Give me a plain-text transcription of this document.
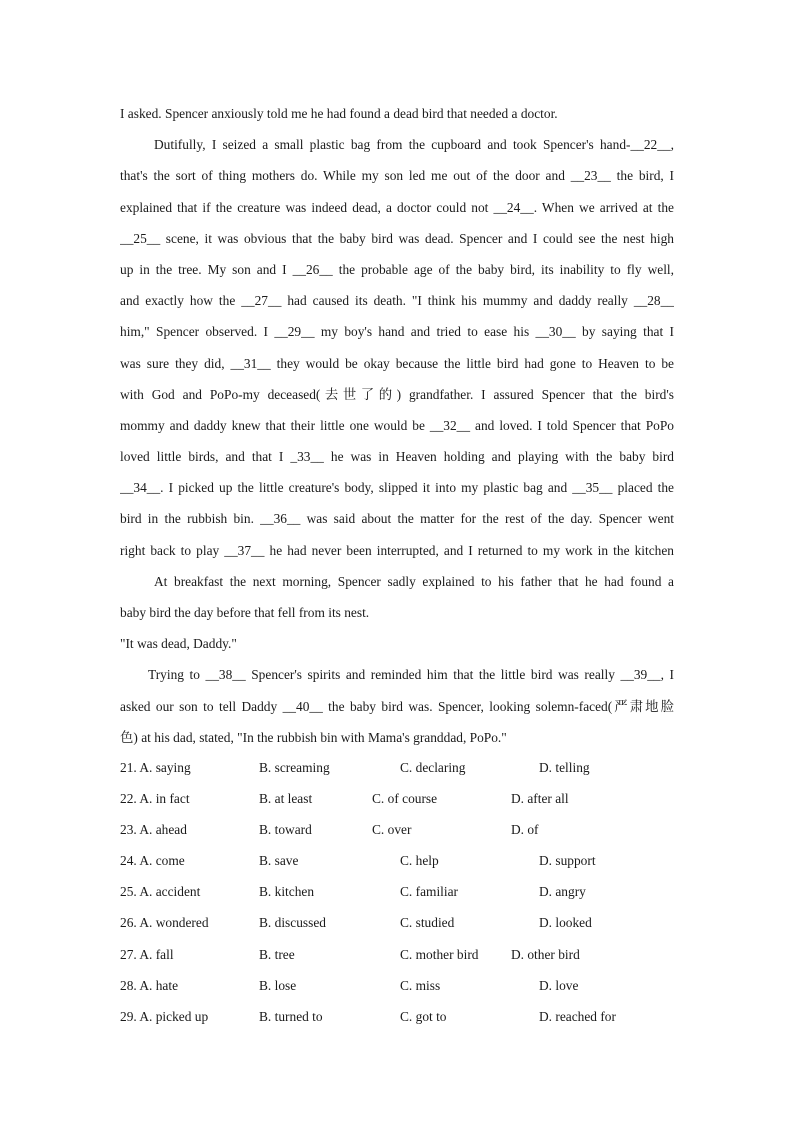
I asked. Spencer anxiously told me he had found a dead bird that needed a doctor.
Dutifully, I seized a small plastic bag from the cupboard and took Spencer's hand-__22__,
that's the sort of thing mothers do. While my son led me out of the door and __23__ the bird, I
explained that if the creature was indeed dead, a doctor could not __24__. When we arrived at the
__25__ scene, it was obvious that the baby bird was dead. Spencer and I could see the nest high
up in the tree. My son and I __26__ the probable age of the baby bird, its inability to fly well,
and exactly how the __27__ had caused its death. "I think his mummy and daddy really __28__
him," Spencer observed. I __29__ my boy's hand and tried to ease his __30__ by saying that I
was sure they did, __31__ they would be okay because the little bird had gone to Heaven to be
with God and PoPo-my deceased(去世了的) grandfather. I assured Spencer that the bird's
mommy and daddy knew that their little one would be __32__ and loved. I told Spencer that PoPo
loved little birds, and that I _33__ he was in Heaven holding and playing with the baby bird
__34__. I picked up the little creature's body, slipped it into my plastic bag and __35__ placed the
bird in the rubbish bin. __36__ was said about the matter for the rest of the day. Spencer went
right back to play __37__ he had never been interrupted, and I returned to my work in the kitchen
At breakfast the next morning, Spencer sadly explained to his father that he had found a
baby bird the day before that fell from its nest.
"It was dead, Daddy."
Trying to __38__ Spencer's spirits and reminded him that the little bird was really __39__, I
asked our son to tell Daddy __40__ the baby bird was. Spencer, looking solemn-faced(严肃地脸
色) at his dad, stated, "In the rubbish bin with Mama's granddad, PoPo."
21. A. saying	B. screaming	C. declaring	D. telling
22. A. in fact	B. at least	C. of course	D. after all
23. A. ahead	B. toward	C. over	D. of
24. A. come	B. save	C. help	D. support
25. A. accident	B. kitchen	C. familiar	D. angry
26. A. wondered	B. discussed	C. studied	D. looked
27. A. fall	B. tree	C. mother bird D. other bird
28. A. hate	B. lose	C. miss	D. love
29. A. picked up	B. turned to	C. got to	D. reached for
